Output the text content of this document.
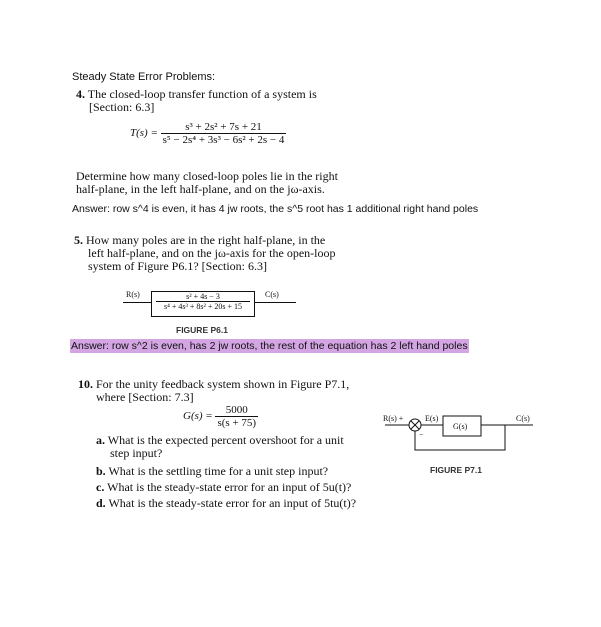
Steady State Error Problems:
4. The closed-loop transfer function of a system is
[Section: 6.3]
$T(s) = \frac{\text{s³ + 2s² + 7s + 21}}{\text{s⁵ − 2s⁴ + 3s³ − 6s² + 2s − 4}}$
Determine how many closed-loop poles lie in the right
half-plane, in the left half-plane, and on the jω-axis.
Answer: row s^4 is even, it has 4 jw roots, the s^5 root has 1 additional right hand poles
5. How many poles are in the right half-plane, in the
left half-plane, and on the jω-axis for the open-loop
system of Figure P6.1? [Section: 6.3]
R(s)	s² + 4s − 3
s⁴ + 4s³ + 8s² + 20s + 15
C(s)
FIGURE P6.1
Answer: row s^2 is even, has 2 jw roots, the rest of the equation has 2 left hand poles
10. For the unity feedback system shown in Figure P7.1,
where [Section: 7.3]
$G(s) = \frac{5000}{s(s + 75)}$
a. What is the expected percent overshoot for a unit
step input?
b. What is the settling time for a unit step input?
c. What is the steady-state error for an input of 5u(t)?
d. What is the steady-state error for an input of 5tu(t)?
R(s) +
−
E(s)
G(s)
C(s)
FIGURE P7.1
